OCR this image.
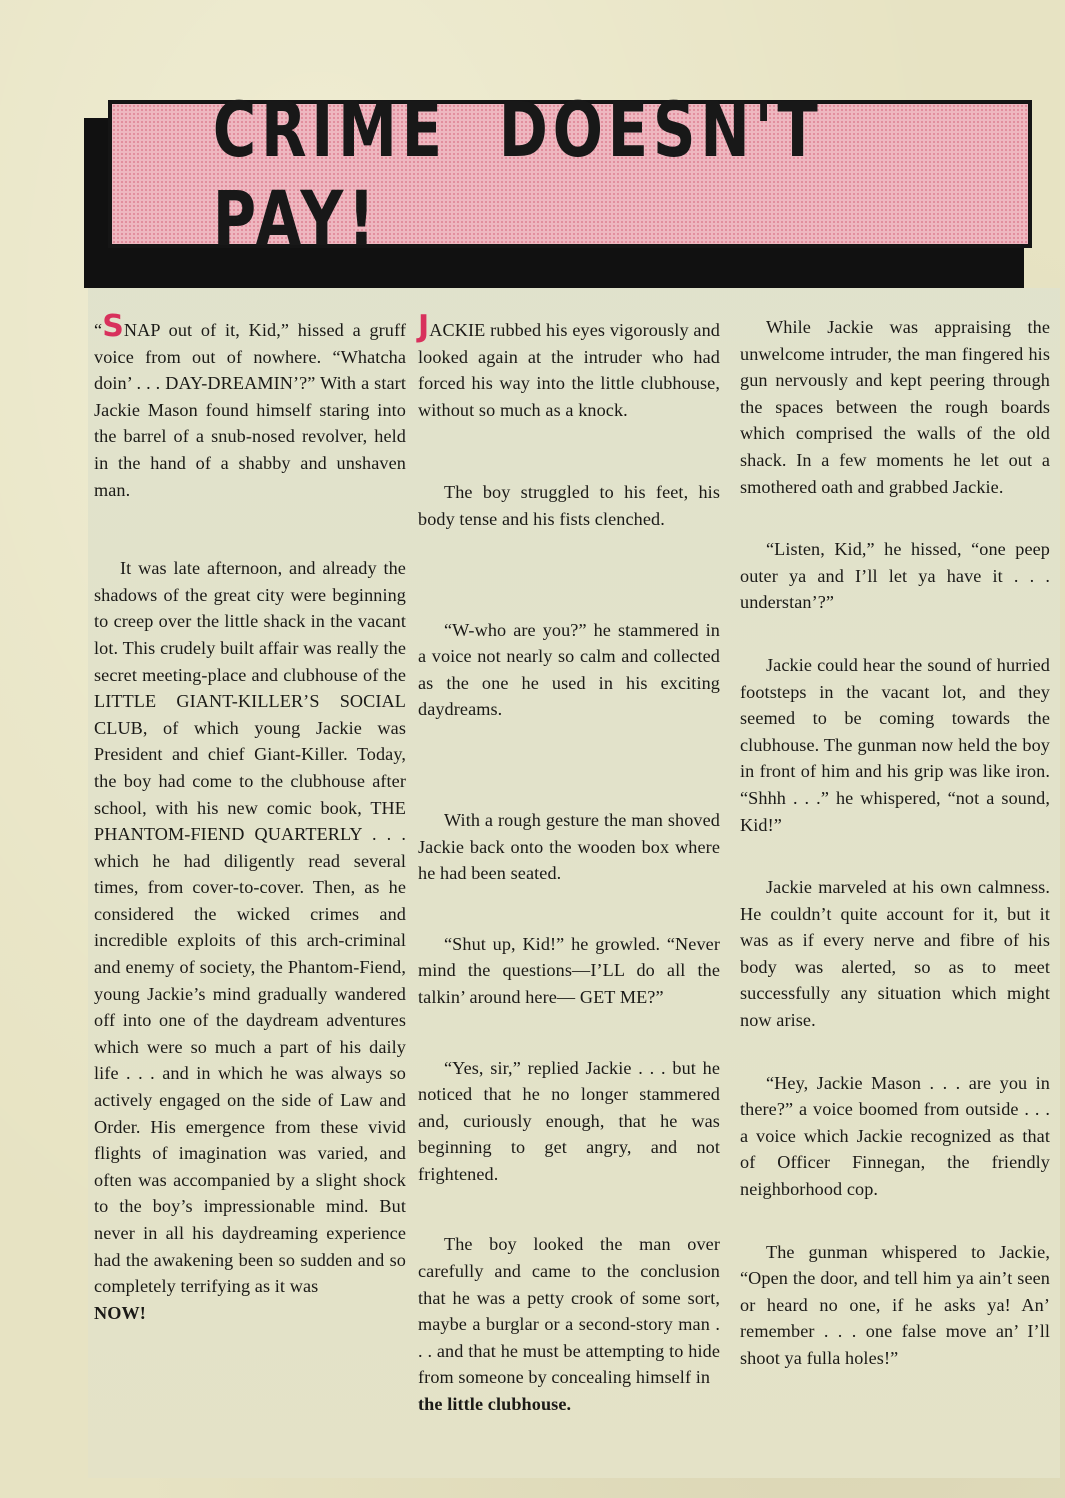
CRIME DOESN'T PAY!

“SNAP out of it, Kid,” hissed a gruff voice from out of nowhere. “Whatcha doin’ . . . DAY-DREAMIN’?” With a start Jackie Mason found himself staring into the barrel of a snub-nosed revolver, held in the hand of a shabby and unshaven man.

It was late afternoon, and already the shadows of the great city were beginning to creep over the little shack in the vacant lot. This crudely built affair was really the secret meeting-place and clubhouse of the LITTLE GIANT-KILLER’S SOCIAL CLUB, of which young Jackie was President and chief Giant-Killer. Today, the boy had come to the clubhouse after school, with his new comic book, THE PHANTOM-FIEND QUARTERLY . . . which he had diligently read several times, from cover-to-cover. Then, as he considered the wicked crimes and incredible exploits of this arch-criminal and enemy of society, the Phantom-Fiend, young Jackie’s mind gradually wandered off into one of the daydream adventures which were so much a part of his daily life . . . and in which he was always so actively engaged on the side of Law and Order. His emergence from these vivid flights of imagination was varied, and often was accompanied by a slight shock to the boy’s impressionable mind. But never in all his daydreaming experience had the awakening been so sudden and so completely terrifying as it was

NOW!

JACKIE rubbed his eyes vigorously and looked again at the intruder who had forced his way into the little clubhouse, without so much as a knock.

The boy struggled to his feet, his body tense and his fists clenched.

“W-who are you?” he stammered in a voice not nearly so calm and collected as the one he used in his exciting daydreams.

With a rough gesture the man shoved Jackie back onto the wooden box where he had been seated.

“Shut up, Kid!” he growled. “Never mind the questions—I’LL do all the talkin’ around here— GET ME?”

“Yes, sir,” replied Jackie . . . but he noticed that he no longer stammered and, curiously enough, that he was beginning to get angry, and not frightened.

The boy looked the man over carefully and came to the conclusion that he was a petty crook of some sort, maybe a burglar or a second-story man . . . and that he must be attempting to hide from someone by concealing himself in

the little clubhouse.

While Jackie was appraising the unwelcome intruder, the man fingered his gun nervously and kept peering through the spaces between the rough boards which comprised the walls of the old shack. In a few moments he let out a smothered oath and grabbed Jackie.

“Listen, Kid,” he hissed, “one peep outer ya and I’ll let ya have it . . . understan’?”

Jackie could hear the sound of hurried footsteps in the vacant lot, and they seemed to be coming towards the clubhouse. The gunman now held the boy in front of him and his grip was like iron. “Shhh . . .” he whispered, “not a sound, Kid!”

Jackie marveled at his own calmness. He couldn’t quite account for it, but it was as if every nerve and fibre of his body was alerted, so as to meet successfully any situation which might now arise.

“Hey, Jackie Mason . . . are you in there?” a voice boomed from outside . . . a voice which Jackie recognized as that of Officer Finnegan, the friendly neighborhood cop.

The gunman whispered to Jackie, “Open the door, and tell him ya ain’t seen or heard no one, if he asks ya! An’ remember . . . one false move an’ I’ll shoot ya fulla holes!”
